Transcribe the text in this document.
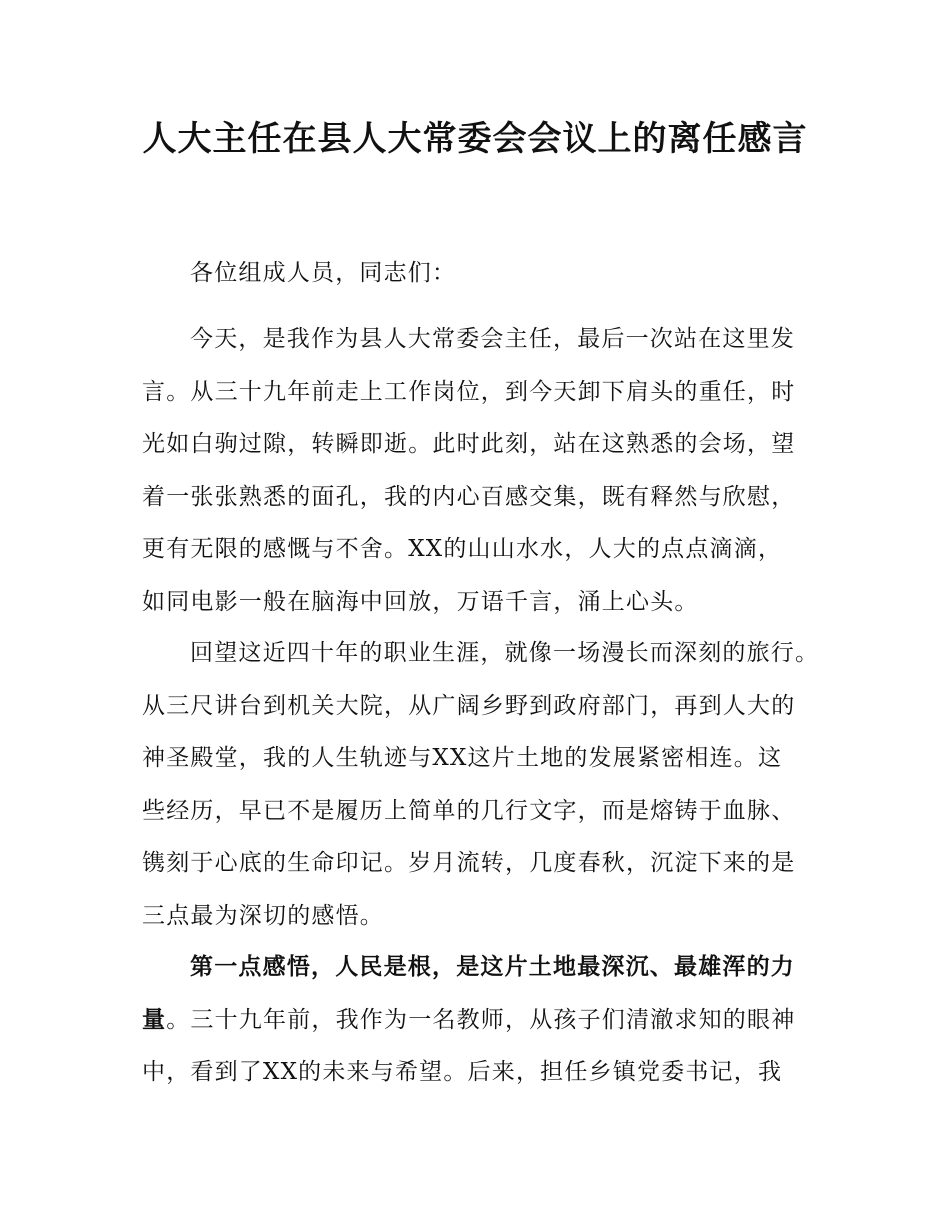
人大主任在县人大常委会会议上的离任感言
各位组成人员，同志们：
今天，是我作为县人大常委会主任，最后一次站在这里发
言。从三十九年前走上工作岗位，到今天卸下肩头的重任，时
光如白驹过隙，转瞬即逝。此时此刻，站在这熟悉的会场，望
着一张张熟悉的面孔，我的内心百感交集，既有释然与欣慰，
更有无限的感慨与不舍。XX的山山水水，人大的点点滴滴，
如同电影一般在脑海中回放，万语千言，涌上心头。
回望这近四十年的职业生涯，就像一场漫长而深刻的旅行。
从三尺讲台到机关大院，从广阔乡野到政府部门，再到人大的
神圣殿堂，我的人生轨迹与XX这片土地的发展紧密相连。这
些经历，早已不是履历上简单的几行文字，而是熔铸于血脉、
镌刻于心底的生命印记。岁月流转，几度春秋，沉淀下来的是
三点最为深切的感悟。
第一点感悟，人民是根，是这片土地最深沉、最雄浑的力
量。三十九年前，我作为一名教师，从孩子们清澈求知的眼神
中，看到了XX的未来与希望。后来，担任乡镇党委书记，我
